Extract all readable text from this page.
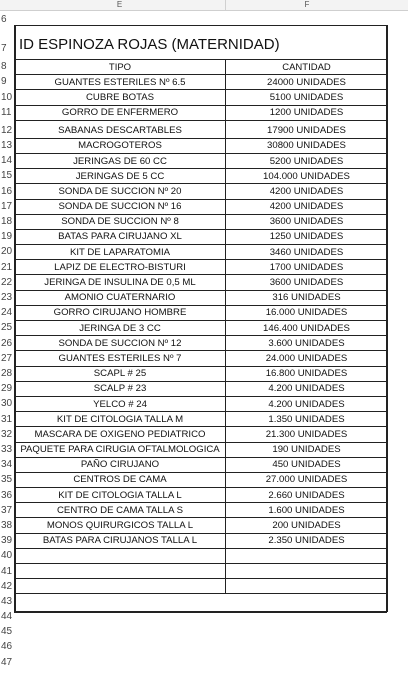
E	F
6
7
8
9
10
11
12
13
14
15
16
17
18
19
20
21
22
23
24
25
26
27
28
29
30
31
32
33
34
35
36
37
38
39
40
41
42
43
44
45
46
47
ID ESPINOZA ROJAS (MATERNIDAD)
TIPO	CANTIDAD
GUANTES ESTERILES Nº 6.5	24000 UNIDADES
CUBRE BOTAS	5100 UNIDADES
GORRO DE ENFERMERO	1200 UNIDADES
SABANAS DESCARTABLES	17900 UNIDADES
MACROGOTEROS	30800 UNIDADES
JERINGAS DE 60 CC	5200 UNIDADES
JERINGAS DE 5 CC	104.000 UNIDADES
SONDA DE SUCCION Nº 20	4200 UNIDADES
SONDA DE SUCCION Nº 16	4200 UNIDADES
SONDA DE SUCCION Nº 8	3600 UNIDADES
BATAS PARA CIRUJANO XL	1250 UNIDADES
KIT DE LAPARATOMIA	3460 UNIDADES
LAPIZ DE ELECTRO-BISTURI	1700 UNIDADES
JERINGA DE INSULINA DE 0,5 ML	3600 UNIDADES
AMONIO CUATERNARIO	316 UNIDADES
GORRO CIRUJANO HOMBRE	16.000 UNIDADES
JERINGA DE 3 CC	146.400 UNIDADES
SONDA DE SUCCION Nº 12	3.600 UNIDADES
GUANTES ESTERILES Nº 7	24.000 UNIDADES
SCAPL # 25	16.800 UNIDADES
SCALP # 23	4.200 UNIDADES
YELCO # 24	4.200 UNIDADES
KIT DE CITOLOGIA TALLA M	1.350 UNIDADES
MASCARA DE OXIGENO PEDIATRICO	21.300 UNIDADES
PAQUETE PARA CIRUGIA OFTALMOLOGICA	190 UNIDADES
PAÑO CIRUJANO	450 UNIDADES
CENTROS DE CAMA	27.000 UNIDADES
KIT DE CITOLOGIA TALLA L	2.660 UNIDADES
CENTRO DE CAMA TALLA S	1.600 UNIDADES
MONOS QUIRURGICOS TALLA L	200 UNIDADES
BATAS PARA CIRUJANOS TALLA L	2.350 UNIDADES
